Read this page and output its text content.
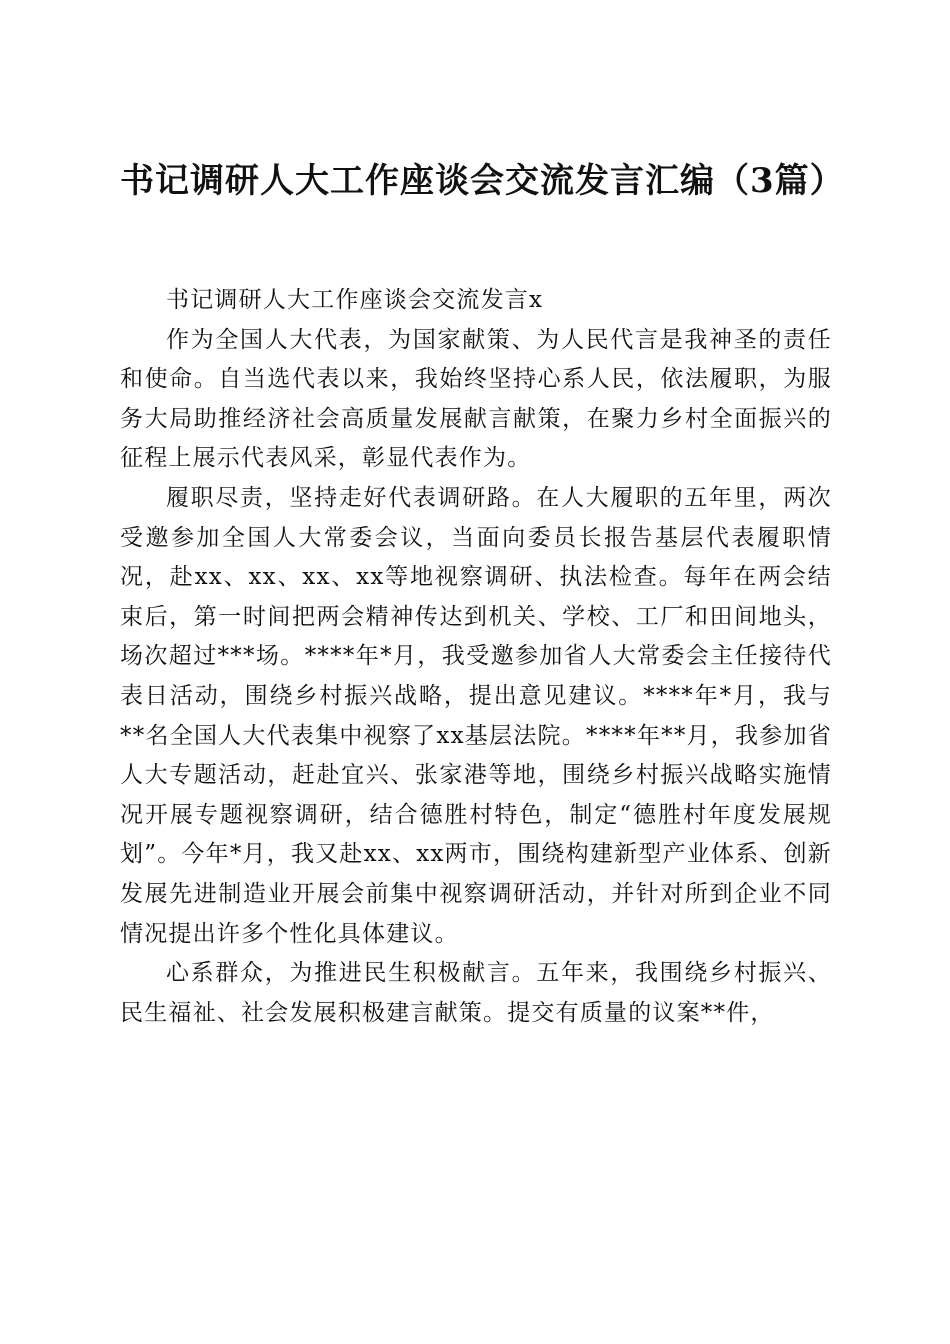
书记调研人大工作座谈会交流发言汇编（3篇）

书记调研人大工作座谈会交流发言x

作为全国人大代表，为国家献策、为人民代言是我神圣的责任和使命。自当选代表以来，我始终坚持心系人民，依法履职，为服务大局助推经济社会高质量发展献言献策，在聚力乡村全面振兴的征程上展示代表风采，彰显代表作为。

履职尽责，坚持走好代表调研路。在人大履职的五年里，两次受邀参加全国人大常委会议，当面向委员长报告基层代表履职情况，赴xx、xx、xx、xx等地视察调研、执法检查。每年在两会结束后，第一时间把两会精神传达到机关、学校、工厂和田间地头，场次超过***场。****年*月，我受邀参加省人大常委会主任接待代表日活动，围绕乡村振兴战略，提出意见建议。****年*月，我与**名全国人大代表集中视察了xx基层法院。****年**月，我参加省人大专题活动，赶赴宜兴、张家港等地，围绕乡村振兴战略实施情况开展专题视察调研，结合德胜村特色，制定“德胜村年度发展规划”。今年*月，我又赴xx、xx两市，围绕构建新型产业体系、创新发展先进制造业开展会前集中视察调研活动，并针对所到企业不同情况提出许多个性化具体建议。

心系群众，为推进民生积极献言。五年来，我围绕乡村振兴、民生福祉、社会发展积极建言献策。提交有质量的议案**件，
